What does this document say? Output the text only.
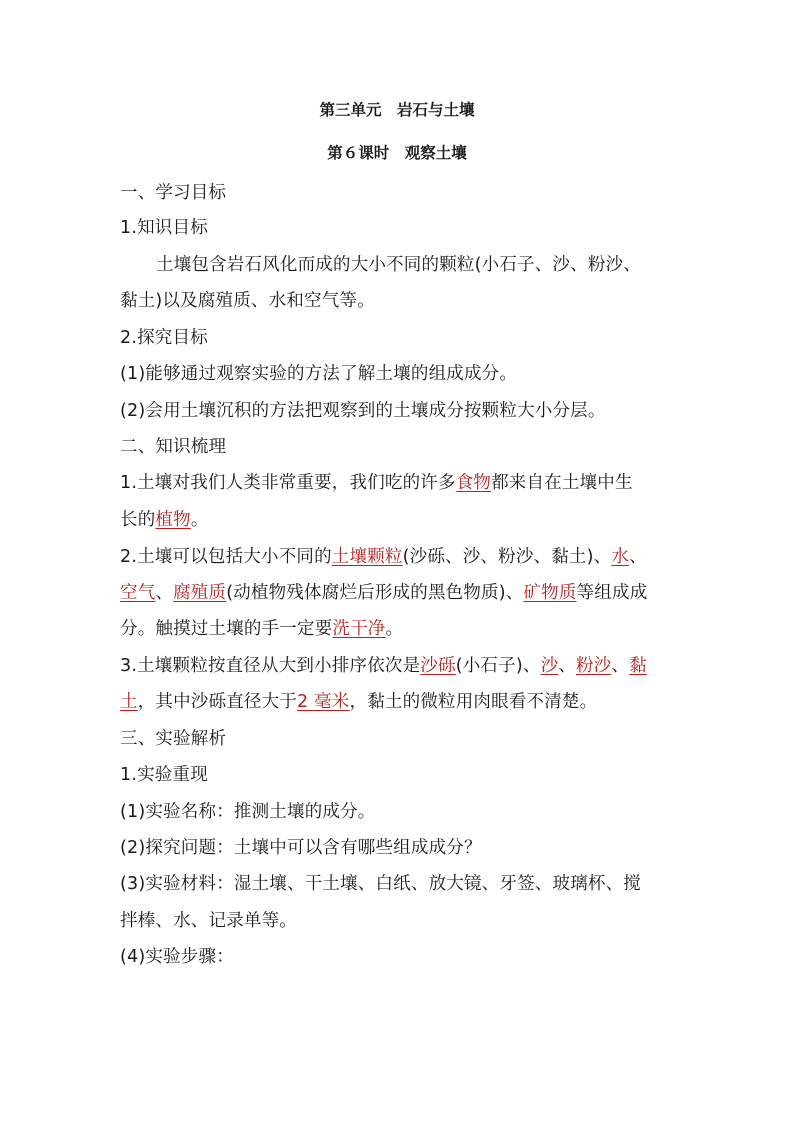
第三单元　岩石与土壤
第６课时　观察土壤
一、学习目标
1.知识目标
土壤包含岩石风化而成的大小不同的颗粒(小石子、沙、粉沙、
黏土)以及腐殖质、水和空气等。
2.探究目标
(1)能够通过观察实验的方法了解土壤的组成成分。
(2)会用土壤沉积的方法把观察到的土壤成分按颗粒大小分层。
二、知识梳理
1.土壤对我们人类非常重要，我们吃的许多食物都来自在土壤中生
长的植物。
2.土壤可以包括大小不同的土壤颗粒(沙砾、沙、粉沙、黏土)、水、
空气、腐殖质(动植物残体腐烂后形成的黑色物质)、矿物质等组成成
分。触摸过土壤的手一定要洗干净。
3.土壤颗粒按直径从大到小排序依次是沙砾(小石子)、沙、粉沙、黏
土，其中沙砾直径大于2 毫米，黏土的微粒用肉眼看不清楚。
三、实验解析
1.实验重现
(1)实验名称：推测土壤的成分。
(2)探究问题：土壤中可以含有哪些组成成分？
(3)实验材料：湿土壤、干土壤、白纸、放大镜、牙签、玻璃杯、搅
拌棒、水、记录单等。
(4)实验步骤：
